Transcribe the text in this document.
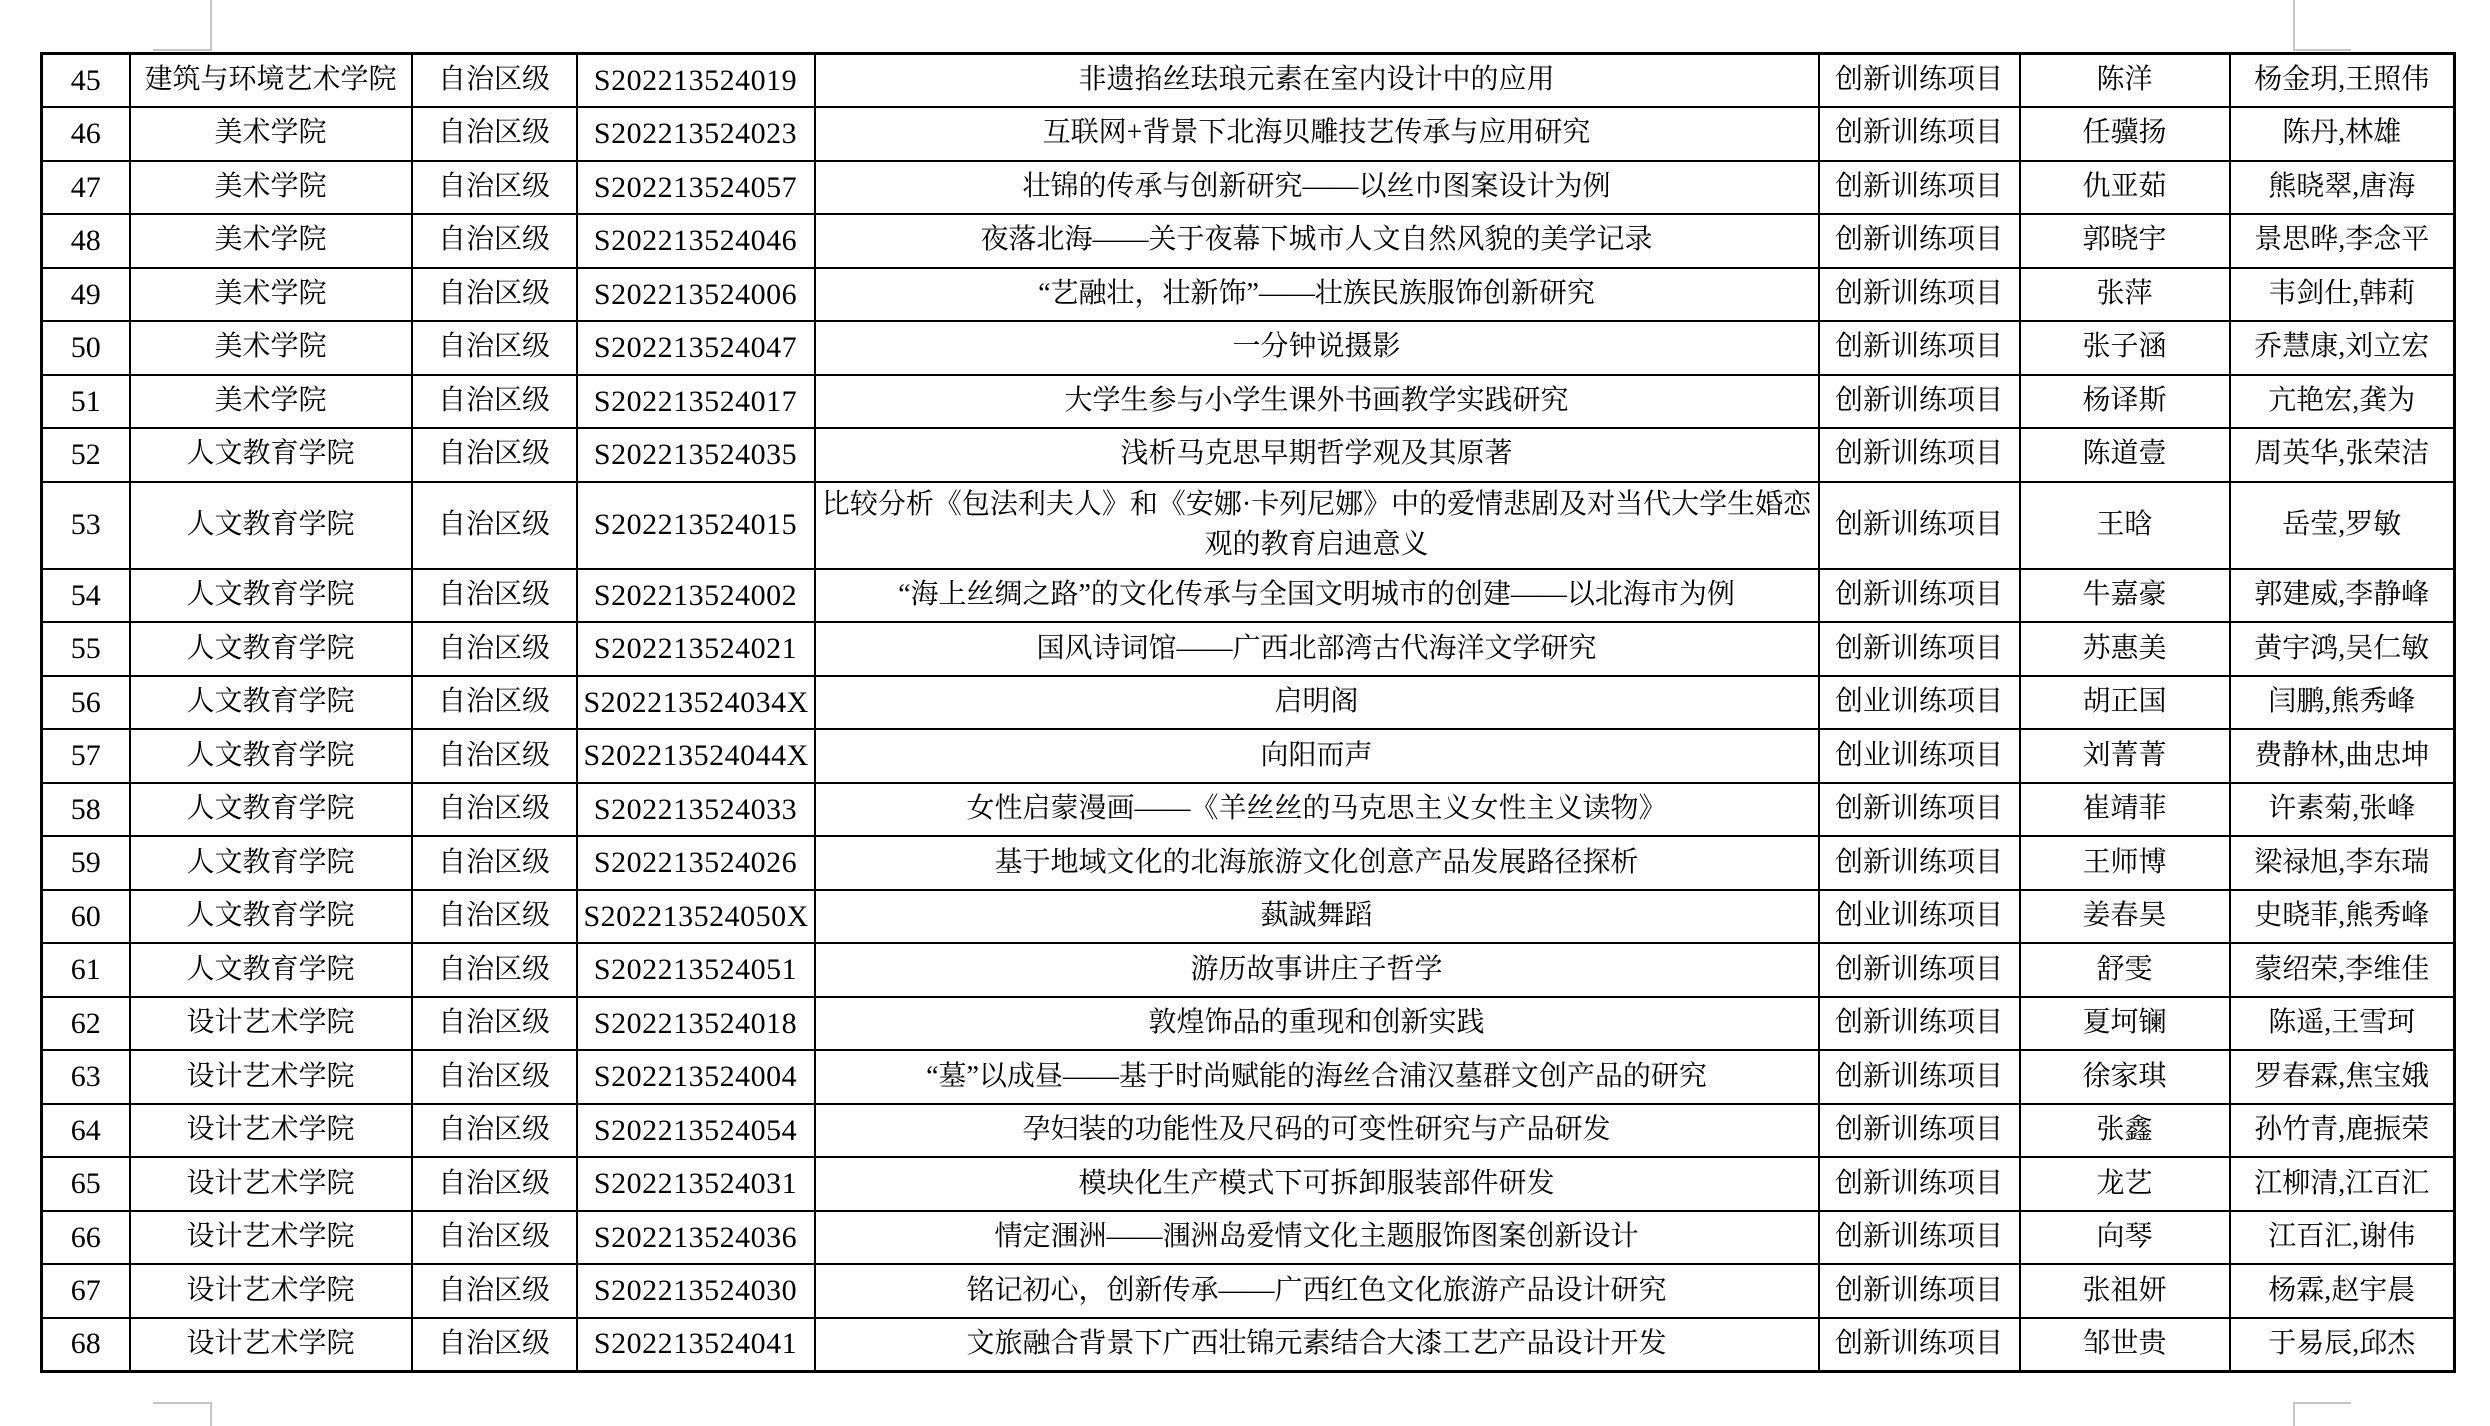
45	建筑与环境艺术学院	自治区级	S202213524019	非遗掐丝珐琅元素在室内设计中的应用	创新训练项目	陈洋	杨金玥,王照伟
46	美术学院	自治区级	S202213524023	互联网+背景下北海贝雕技艺传承与应用研究	创新训练项目	任骥扬	陈丹,林雄
47	美术学院	自治区级	S202213524057	壮锦的传承与创新研究——以丝巾图案设计为例	创新训练项目	仇亚茹	熊晓翠,唐海
48	美术学院	自治区级	S202213524046	夜落北海——关于夜幕下城市人文自然风貌的美学记录	创新训练项目	郭晓宇	景思晔,李念平
49	美术学院	自治区级	S202213524006	“艺融壮，壮新饰”——壮族民族服饰创新研究	创新训练项目	张萍	韦剑仕,韩莉
50	美术学院	自治区级	S202213524047	一分钟说摄影	创新训练项目	张子涵	乔慧康,刘立宏
51	美术学院	自治区级	S202213524017	大学生参与小学生课外书画教学实践研究	创新训练项目	杨译斯	亢艳宏,龚为
52	人文教育学院	自治区级	S202213524035	浅析马克思早期哲学观及其原著	创新训练项目	陈道壹	周英华,张荣洁
53	人文教育学院	自治区级	S202213524015	比较分析《包法利夫人》和《安娜·卡列尼娜》中的爱情悲剧及对当代大学生婚恋观的教育启迪意义	创新训练项目	王晗	岳莹,罗敏
54	人文教育学院	自治区级	S202213524002	“海上丝绸之路”的文化传承与全国文明城市的创建——以北海市为例	创新训练项目	牛嘉豪	郭建威,李静峰
55	人文教育学院	自治区级	S202213524021	国风诗词馆——广西北部湾古代海洋文学研究	创新训练项目	苏惠美	黄宇鸿,吴仁敏
56	人文教育学院	自治区级	S202213524034X	启明阁	创业训练项目	胡正国	闫鹏,熊秀峰
57	人文教育学院	自治区级	S202213524044X	向阳而声	创业训练项目	刘菁菁	费静林,曲忠坤
58	人文教育学院	自治区级	S202213524033	女性启蒙漫画——《羊丝丝的马克思主义女性主义读物》	创新训练项目	崔靖菲	许素菊,张峰
59	人文教育学院	自治区级	S202213524026	基于地域文化的北海旅游文化创意产品发展路径探析	创新训练项目	王师博	梁禄旭,李东瑞
60	人文教育学院	自治区级	S202213524050X	蓺誠舞蹈	创业训练项目	姜春昊	史晓菲,熊秀峰
61	人文教育学院	自治区级	S202213524051	游历故事讲庄子哲学	创新训练项目	舒雯	蒙绍荣,李维佳
62	设计艺术学院	自治区级	S202213524018	敦煌饰品的重现和创新实践	创新训练项目	夏坷镧	陈遥,王雪珂
63	设计艺术学院	自治区级	S202213524004	“墓”以成昼——基于时尚赋能的海丝合浦汉墓群文创产品的研究	创新训练项目	徐家琪	罗春霖,焦宝娥
64	设计艺术学院	自治区级	S202213524054	孕妇装的功能性及尺码的可变性研究与产品研发	创新训练项目	张鑫	孙竹青,鹿振荣
65	设计艺术学院	自治区级	S202213524031	模块化生产模式下可拆卸服装部件研发	创新训练项目	龙艺	江柳清,江百汇
66	设计艺术学院	自治区级	S202213524036	情定涠洲——涠洲岛爱情文化主题服饰图案创新设计	创新训练项目	向琴	江百汇,谢伟
67	设计艺术学院	自治区级	S202213524030	铭记初心，创新传承——广西红色文化旅游产品设计研究	创新训练项目	张祖妍	杨霖,赵宇晨
68	设计艺术学院	自治区级	S202213524041	文旅融合背景下广西壮锦元素结合大漆工艺产品设计开发	创新训练项目	邹世贵	于易辰,邱杰
